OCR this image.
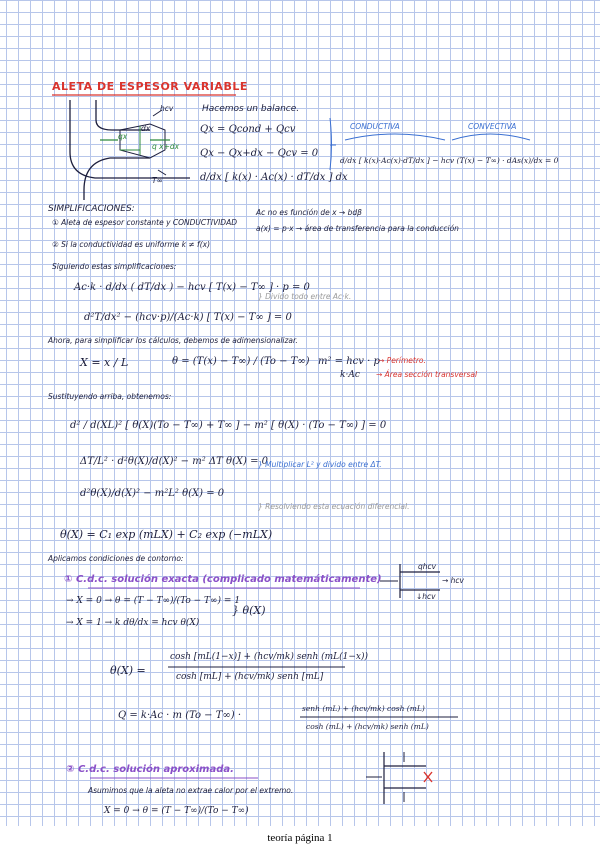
ALETA DE ESPESOR VARIABLE
hcv
qx
q x+dx
dx
T∞
Hacemos un balance.
Qx = Qcond + Qcv
Qx − Qx+dx − Qcv = 0
d/dx [ k(x) · Ac(x) · dT/dx ] dx
CONDUCTIVA	CONVECTIVA
d/dx [ k(x)·Ac(x)·dT/dx ] − hcv (T(x) − T∞) · dAs(x)/dx = 0
SIMPLIFICACIONES:
① Aleta de espesor constante y CONDUCTIVIDAD
Ac no es función de x → bdβ
a(x) = p·x → área de transferencia para la conducción
② Si la conductividad es uniforme k ≠ f(x)
Siguiendo estas simplificaciones:
Ac·k · d/dx ( dT/dx ) − hcv [ T(x) − T∞ ] · p = 0
} Divido todo entre Ac·k.
d²T/dx² − (hcv·p)/(Ac·k) [ T(x) − T∞ ] = 0
Ahora, para simplificar los cálculos, debemos de adimensionalizar.
X = x / L	θ = (T(x) − T∞) / (To − T∞) m² = hcv · p
k·Ac
→ Perímetro.
→ Área sección transversal
Sustituyendo arriba, obtenemos:
d² / d(XL)² [ θ(X)(To − T∞) + T∞ ] − m² [ θ(X) · (To − T∞) ] = 0
ΔT/L² · d²θ(X)/d(X)² − m² ΔT θ(X) = 0
} Multiplicar L² y divido entre ΔT.
d²θ(X)/d(X)² − m²L² θ(X) = 0
} Resolviendo esta ecuación diferencial.
θ(X) = C₁ exp (mLX) + C₂ exp (−mLX)
Aplicamos condiciones de contorno:
① C.d.c. solución exacta (complicado matemáticamente)
→ X = 0 → θ = (T − T∞)/(To − T∞) = 1
→ X = 1 → k dθ/dx = hcv θ(X)
} θ(X)
qhcv
→ hcv
↓hcv
θ(X) =
cosh [mL(1−x)] + (hcv/mk) senh (mL(1−x))
cosh [mL] + (hcv/mk) senh [mL]
Q = k·Ac · m (To − T∞) ·
senh (mL) + (hcv/mk) cosh (mL)
cosh (mL) + (hcv/mk) senh (mL)
② C.d.c. solución aproximada.
Asumimos que la aleta no extrae calor por el extremo.
X = 0 → θ = (T − T∞)/(To − T∞)
teoría página 1
